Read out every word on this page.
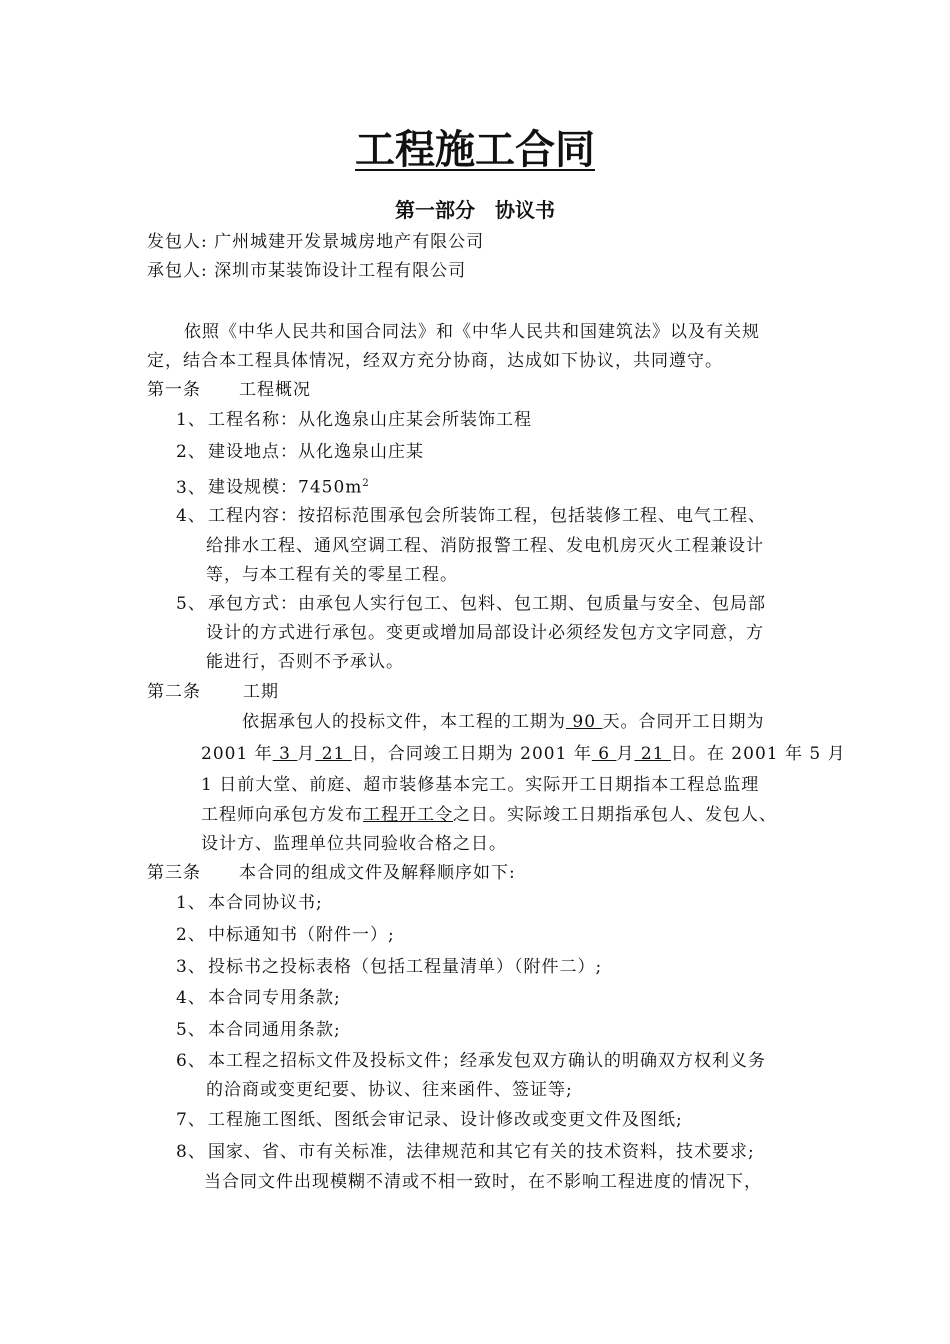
工程施工合同
第一部分　协议书
发包人: 广州城建开发景城房地产有限公司
承包人: 深圳市某装饰设计工程有限公司
依照《中华人民共和国合同法》和《中华人民共和国建筑法》以及有关规
定，结合本工程具体情况，经双方充分协商，达成如下协议，共同遵守。
第一条 工程概况
1、 工程名称：从化逸泉山庄某会所装饰工程
2、 建设地点：从化逸泉山庄某
3、 建设规模：$7450m^2$
4、 工程内容：按招标范围承包会所装饰工程，包括装修工程、电气工程、
给排水工程、通风空调工程、消防报警工程、发电机房灭火工程兼设计
等，与本工程有关的零星工程。
5、 承包方式：由承包人实行包工、包料、包工期、包质量与安全、包局部
设计的方式进行承包。变更或增加局部设计必须经发包方文字同意，方
能进行，否则不予承认。
第二条 工期
依据承包人的投标文件，本工程的工期为 90 天。合同开工日期为
2001 年 3 月 21 日，合同竣工日期为 2001 年 6 月 21 日。在 2001 年 5 月
1 日前大堂、前庭、超市装修基本完工。实际开工日期指本工程总监理
工程师向承包方发布工程开工令之日。实际竣工日期指承包人、发包人、
设计方、监理单位共同验收合格之日。
第三条 本合同的组成文件及解释顺序如下:
1、 本合同协议书;
2、 中标通知书（附件一）;
3、 投标书之投标表格（包括工程量清单）（附件二）;
4、 本合同专用条款;
5、 本合同通用条款;
6、 本工程之招标文件及投标文件；经承发包双方确认的明确双方权利义务
的洽商或变更纪要、协议、往来函件、签证等;
7、 工程施工图纸、图纸会审记录、设计修改或变更文件及图纸;
8、 国家、省、市有关标准，法律规范和其它有关的技术资料，技术要求;
当合同文件出现模糊不清或不相一致时，在不影响工程进度的情况下，
